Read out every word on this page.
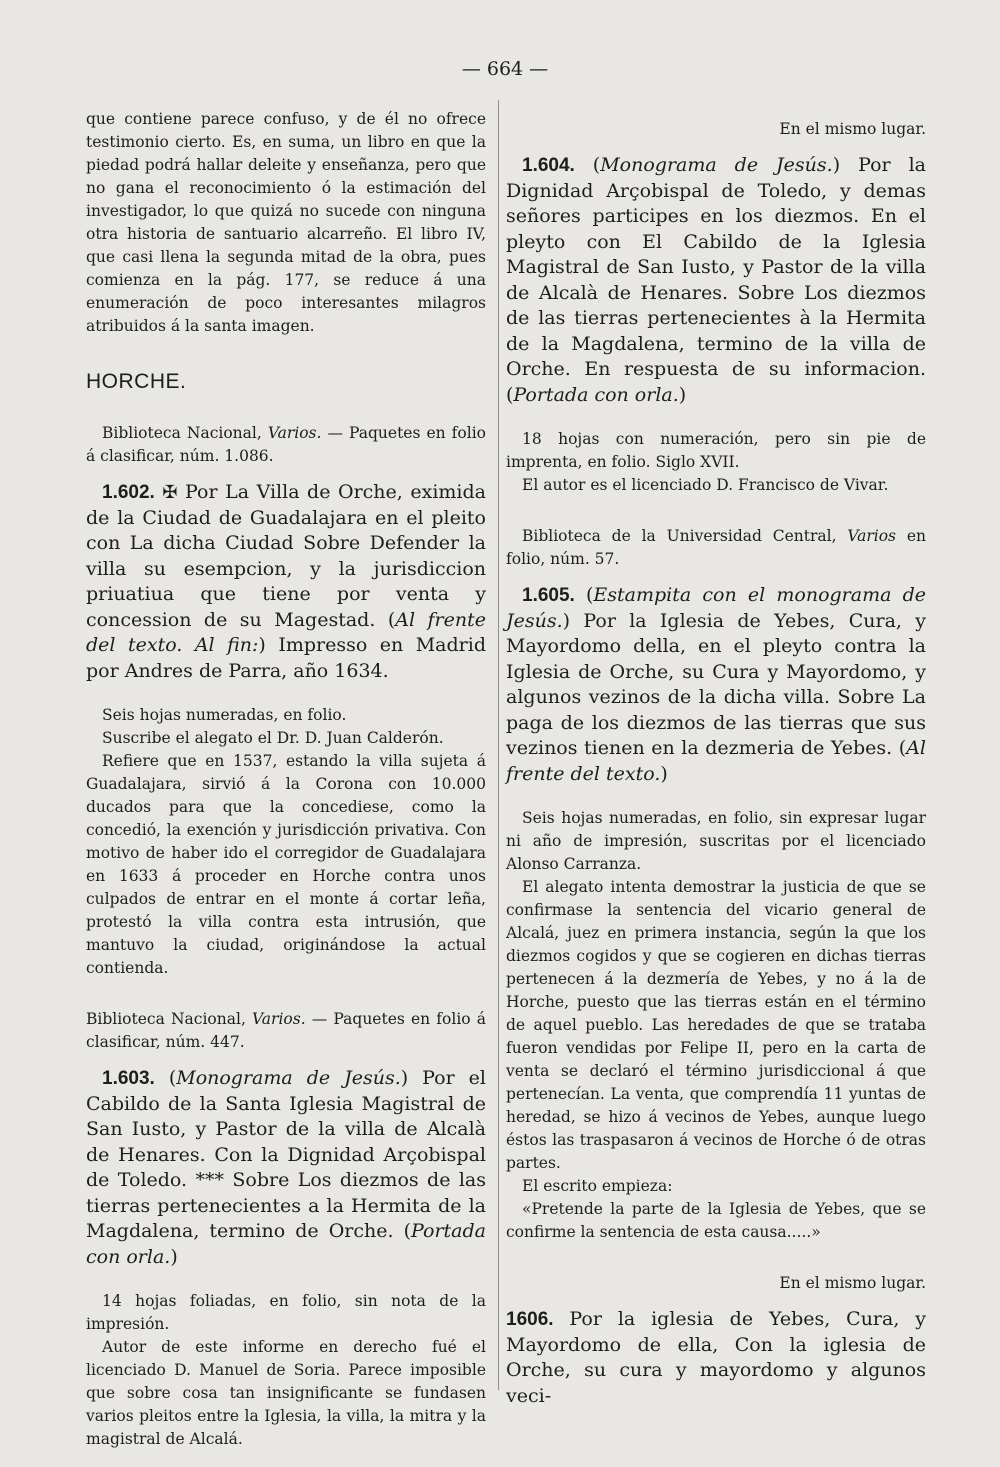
— 664 —

que contiene parece confuso, y de él no ofrece testimonio cierto. Es, en suma, un libro en que la piedad podrá hallar deleite y enseñanza, pero que no gana el reconocimiento ó la estimación del investigador, lo que quizá no sucede con ninguna otra historia de santuario alcarreño. El libro IV, que casi llena la segunda mitad de la obra, pues comienza en la pág. 177, se reduce á una enumeración de poco interesantes milagros atribuidos á la santa imagen.

HORCHE.

Biblioteca Nacional, Varios. — Paquetes en folio á clasificar, núm. 1.086.

1.602. ✠ Por La Villa de Orche, eximida de la Ciudad de Guadalajara en el pleito con La dicha Ciudad Sobre Defender la villa su esempcion, y la jurisdiccion priuatiua que tiene por venta y concession de su Magestad. (Al frente del texto. Al fin:) Impresso en Madrid por Andres de Parra, año 1634.

Seis hojas numeradas, en folio.

Suscribe el alegato el Dr. D. Juan Calderón.

Refiere que en 1537, estando la villa sujeta á Guadalajara, sirvió á la Corona con 10.000 ducados para que la concediese, como la concedió, la exención y jurisdicción privativa. Con motivo de haber ido el corregidor de Guadalajara en 1633 á proceder en Horche contra unos culpados de entrar en el monte á cortar leña, protestó la villa contra esta intrusión, que mantuvo la ciudad, originándose la actual contienda.

Biblioteca Nacional, Varios. — Paquetes en folio á clasificar, núm. 447.

1.603. (Monograma de Jesús.) Por el Cabildo de la Santa Iglesia Magistral de San Iusto, y Pastor de la villa de Alcalà de Henares. Con la Dignidad Arçobispal de Toledo. *** Sobre Los diezmos de las tierras pertenecientes a la Hermita de la Magdalena, termino de Orche. (Portada con orla.)

14 hojas foliadas, en folio, sin nota de la impresión.

Autor de este informe en derecho fué el licenciado D. Manuel de Soria. Parece imposible que sobre cosa tan insignificante se fundasen varios pleitos entre la Iglesia, la villa, la mitra y la magistral de Alcalá.

En el mismo lugar.

1.604. (Monograma de Jesús.) Por la Dignidad Arçobispal de Toledo, y demas señores participes en los diezmos. En el pleyto con El Cabildo de la Iglesia Magistral de San Iusto, y Pastor de la villa de Alcalà de Henares. Sobre Los diezmos de las tierras pertenecientes à la Hermita de la Magdalena, termino de la villa de Orche. En respuesta de su informacion. (Portada con orla.)

18 hojas con numeración, pero sin pie de imprenta, en folio. Siglo XVII.

El autor es el licenciado D. Francisco de Vivar.

Biblioteca de la Universidad Central, Varios en folio, núm. 57.

1.605. (Estampita con el monograma de Jesús.) Por la Iglesia de Yebes, Cura, y Mayordomo della, en el pleyto contra la Iglesia de Orche, su Cura y Mayordomo, y algunos vezinos de la dicha villa. Sobre La paga de los diezmos de las tierras que sus vezinos tienen en la dezmeria de Yebes. (Al frente del texto.)

Seis hojas numeradas, en folio, sin expresar lugar ni año de impresión, suscritas por el licenciado Alonso Carranza.

El alegato intenta demostrar la justicia de que se confirmase la sentencia del vicario general de Alcalá, juez en primera instancia, según la que los diezmos cogidos y que se cogieren en dichas tierras pertenecen á la dezmería de Yebes, y no á la de Horche, puesto que las tierras están en el término de aquel pueblo. Las heredades de que se trataba fueron vendidas por Felipe II, pero en la carta de venta se declaró el término jurisdiccional á que pertenecían. La venta, que comprendía 11 yuntas de heredad, se hizo á vecinos de Yebes, aunque luego éstos las traspasaron á vecinos de Horche ó de otras partes.

El escrito empieza:

«Pretende la parte de la Iglesia de Yebes, que se confirme la sentencia de esta causa.....»

En el mismo lugar.

1606. Por la iglesia de Yebes, Cura, y Mayordomo de ella, Con la iglesia de Orche, su cura y mayordomo y algunos veci-
